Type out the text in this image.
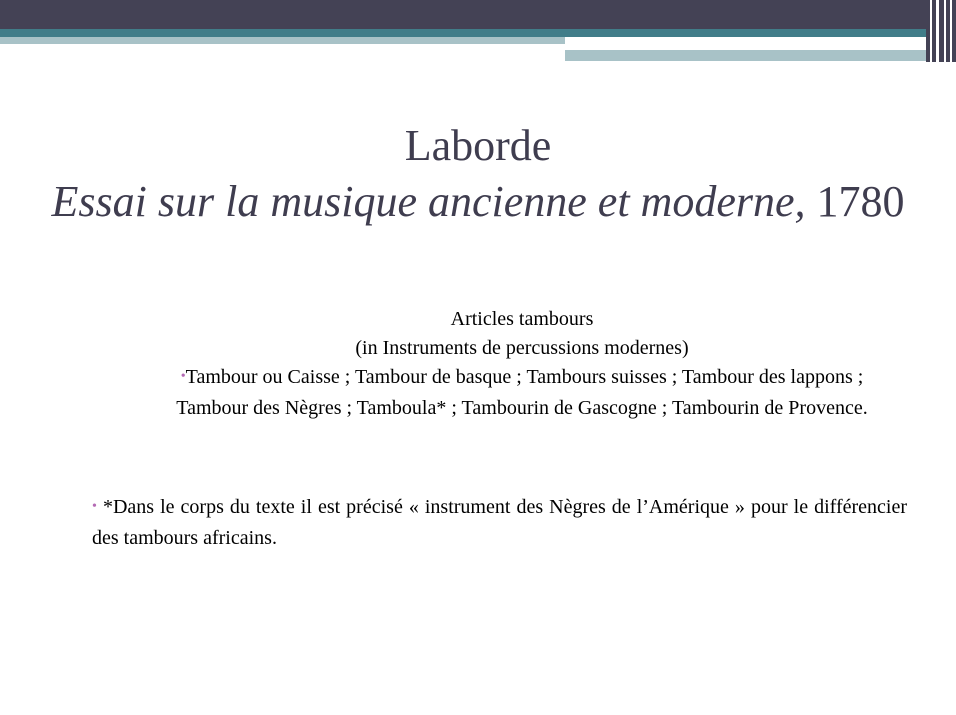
Laborde
Essai sur la musique ancienne et moderne, 1780
Articles tambours
(in Instruments de percussions modernes)
•Tambour ou Caisse ; Tambour de basque ; Tambours suisses ; Tambour des lappons ; Tambour des Nègres ; Tamboula* ; Tambourin de Gascogne ; Tambourin de Provence.
• *Dans le corps du texte il est précisé « instrument des Nègres de l’Amérique » pour le différencier des tambours africains.
